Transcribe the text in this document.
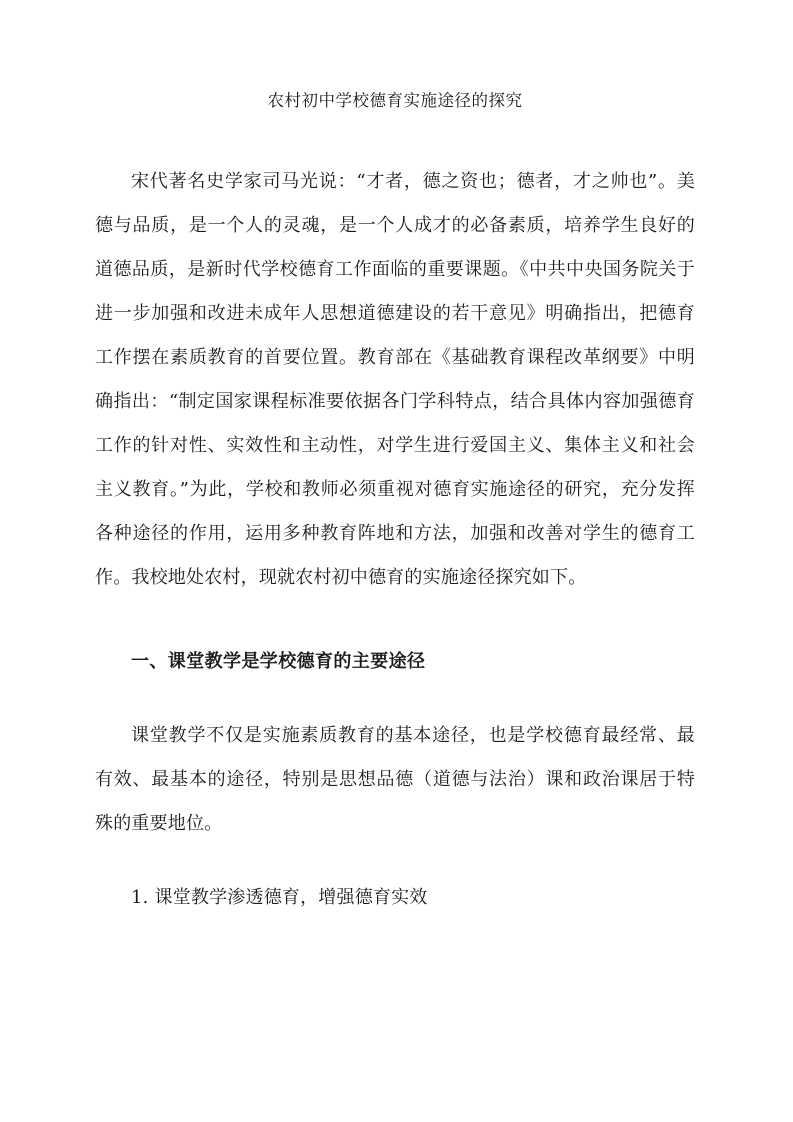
农村初中学校德育实施途径的探究

宋代著名史学家司马光说：“才者，德之资也；德者，才之帅也”。美德与品质，是一个人的灵魂，是一个人成才的必备素质，培养学生良好的道德品质，是新时代学校德育工作面临的重要课题。《中共中央国务院关于进一步加强和改进未成年人思想道德建设的若干意见》明确指出，把德育工作摆在素质教育的首要位置。教育部在《基础教育课程改革纲要》中明确指出：“制定国家课程标准要依据各门学科特点，结合具体内容加强德育工作的针对性、实效性和主动性，对学生进行爱国主义、集体主义和社会主义教育。”为此，学校和教师必须重视对德育实施途径的研究，充分发挥各种途径的作用，运用多种教育阵地和方法，加强和改善对学生的德育工作。我校地处农村，现就农村初中德育的实施途径探究如下。

一、课堂教学是学校德育的主要途径

课堂教学不仅是实施素质教育的基本途径，也是学校德育最经常、最有效、最基本的途径，特别是思想品德（道德与法治）课和政治课居于特殊的重要地位。

1. 课堂教学渗透德育，增强德育实效
